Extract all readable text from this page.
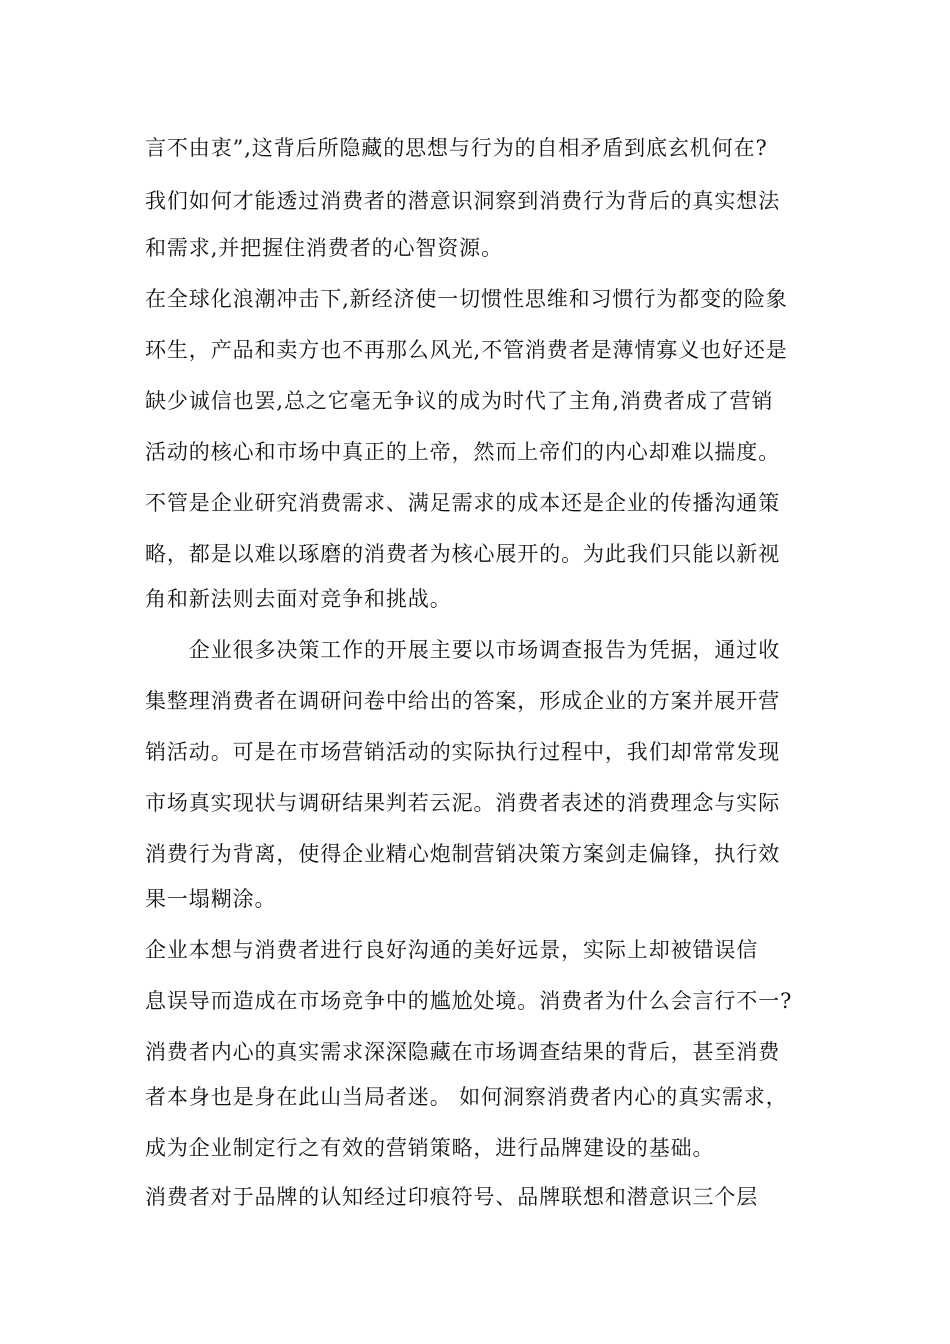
言不由衷”,这背后所隐藏的思想与行为的自相矛盾到底玄机何在?

我们如何才能透过消费者的潜意识洞察到消费行为背后的真实想法

和需求,并把握住消费者的心智资源。

在全球化浪潮冲击下,新经济使一切惯性思维和习惯行为都变的险象

环生，产品和卖方也不再那么风光,不管消费者是薄情寡义也好还是

缺少诚信也罢,总之它毫无争议的成为时代了主角,消费者成了营销

活动的核心和市场中真正的上帝，然而上帝们的内心却难以揣度。

不管是企业研究消费需求、满足需求的成本还是企业的传播沟通策

略，都是以难以琢磨的消费者为核心展开的。为此我们只能以新视

角和新法则去面对竞争和挑战。

　　企业很多决策工作的开展主要以市场调查报告为凭据，通过收

集整理消费者在调研问卷中给出的答案，形成企业的方案并展开营

销活动。可是在市场营销活动的实际执行过程中，我们却常常发现

市场真实现状与调研结果判若云泥。消费者表述的消费理念与实际

消费行为背离，使得企业精心炮制营销决策方案剑走偏锋，执行效

果一塌糊涂。

企业本想与消费者进行良好沟通的美好远景，实际上却被错误信

息误导而造成在市场竞争中的尴尬处境。消费者为什么会言行不一?

消费者内心的真实需求深深隐藏在市场调查结果的背后，甚至消费

者本身也是身在此山当局者迷。 如何洞察消费者内心的真实需求，

成为企业制定行之有效的营销策略，进行品牌建设的基础。

消费者对于品牌的认知经过印痕符号、品牌联想和潜意识三个层
